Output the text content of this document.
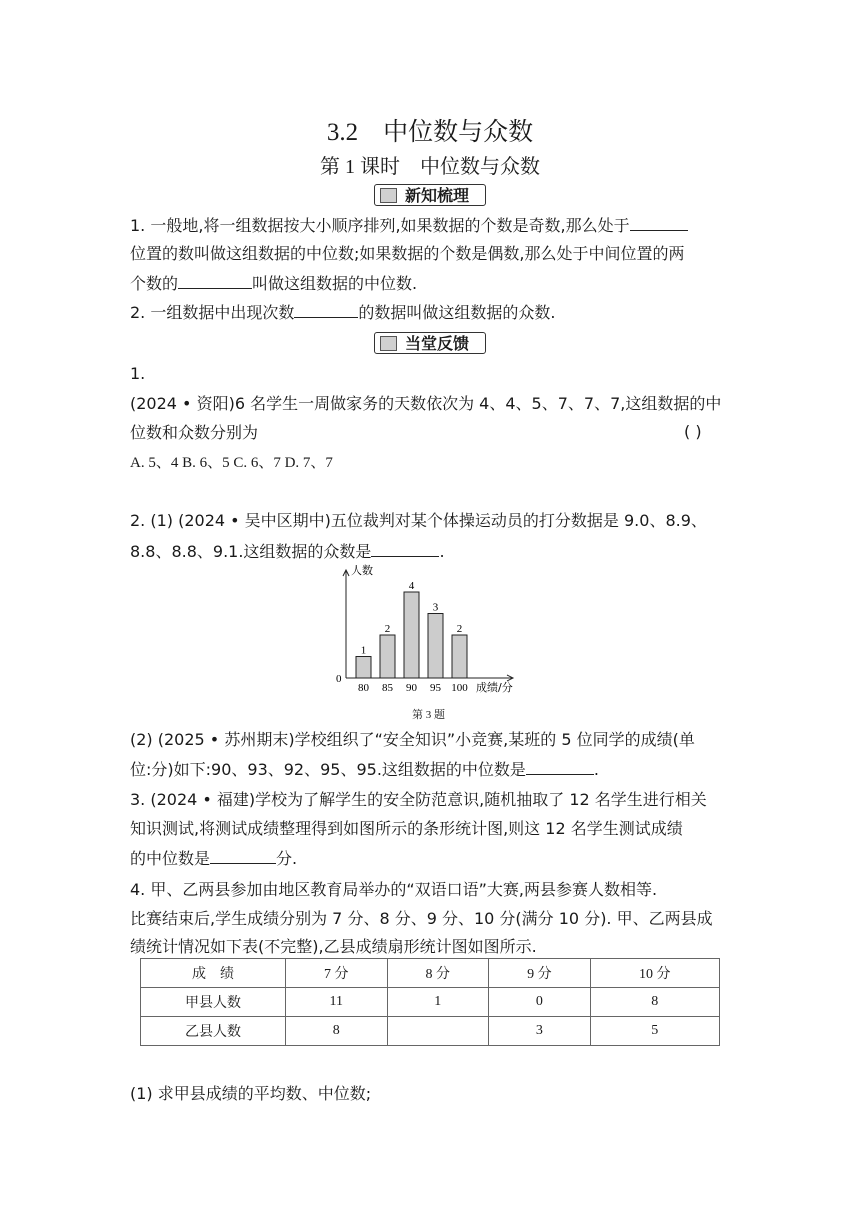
3.2　中位数与众数
第 1 课时　中位数与众数
新知梳理
1. 一般地,将一组数据按大小顺序排列,如果数据的个数是奇数,那么处于
位置的数叫做这组数据的中位数;如果数据的个数是偶数,那么处于中间位置的两
个数的	叫做这组数据的中位数.
2. 一组数据中出现次数	的数据叫做这组数据的众数.
当堂反馈
1.
(2024 • 资阳)6 名学生一周做家务的天数依次为 4、4、5、7、7、7,这组数据的中
位数和众数分别为	( )
A. 5、4 B. 6、5 C. 6、7 D. 7、7
2. (1) (2024 • 吴中区期中)五位裁判对某个体操运动员的打分数据是 9.0、8.9、
8.8、8.8、9.1.这组数据的众数是	.
人数
0
1
80
2
85
4
90
3
95
2
100 成绩/分
第 3 题
(2) (2025 • 苏州期末)学校组织了“安全知识”小竞赛,某班的 5 位同学的成绩(单
位:分)如下:90、93、92、95、95.这组数据的中位数是	.
3. (2024 • 福建)学校为了解学生的安全防范意识,随机抽取了 12 名学生进行相关
知识测试,将测试成绩整理得到如图所示的条形统计图,则这 12 名学生测试成绩
的中位数是	分.
4. 甲、乙两县参加由地区教育局举办的“双语口语”大赛,两县参赛人数相等.
比赛结束后,学生成绩分别为 7 分、8 分、9 分、10 分(满分 10 分). 甲、乙两县成
绩统计情况如下表(不完整),乙县成绩扇形统计图如图所示.
成　绩	7 分	8 分	9 分	10 分
甲县人数	11	1	0	8
乙县人数	8		3	5
(1) 求甲县成绩的平均数、中位数;
